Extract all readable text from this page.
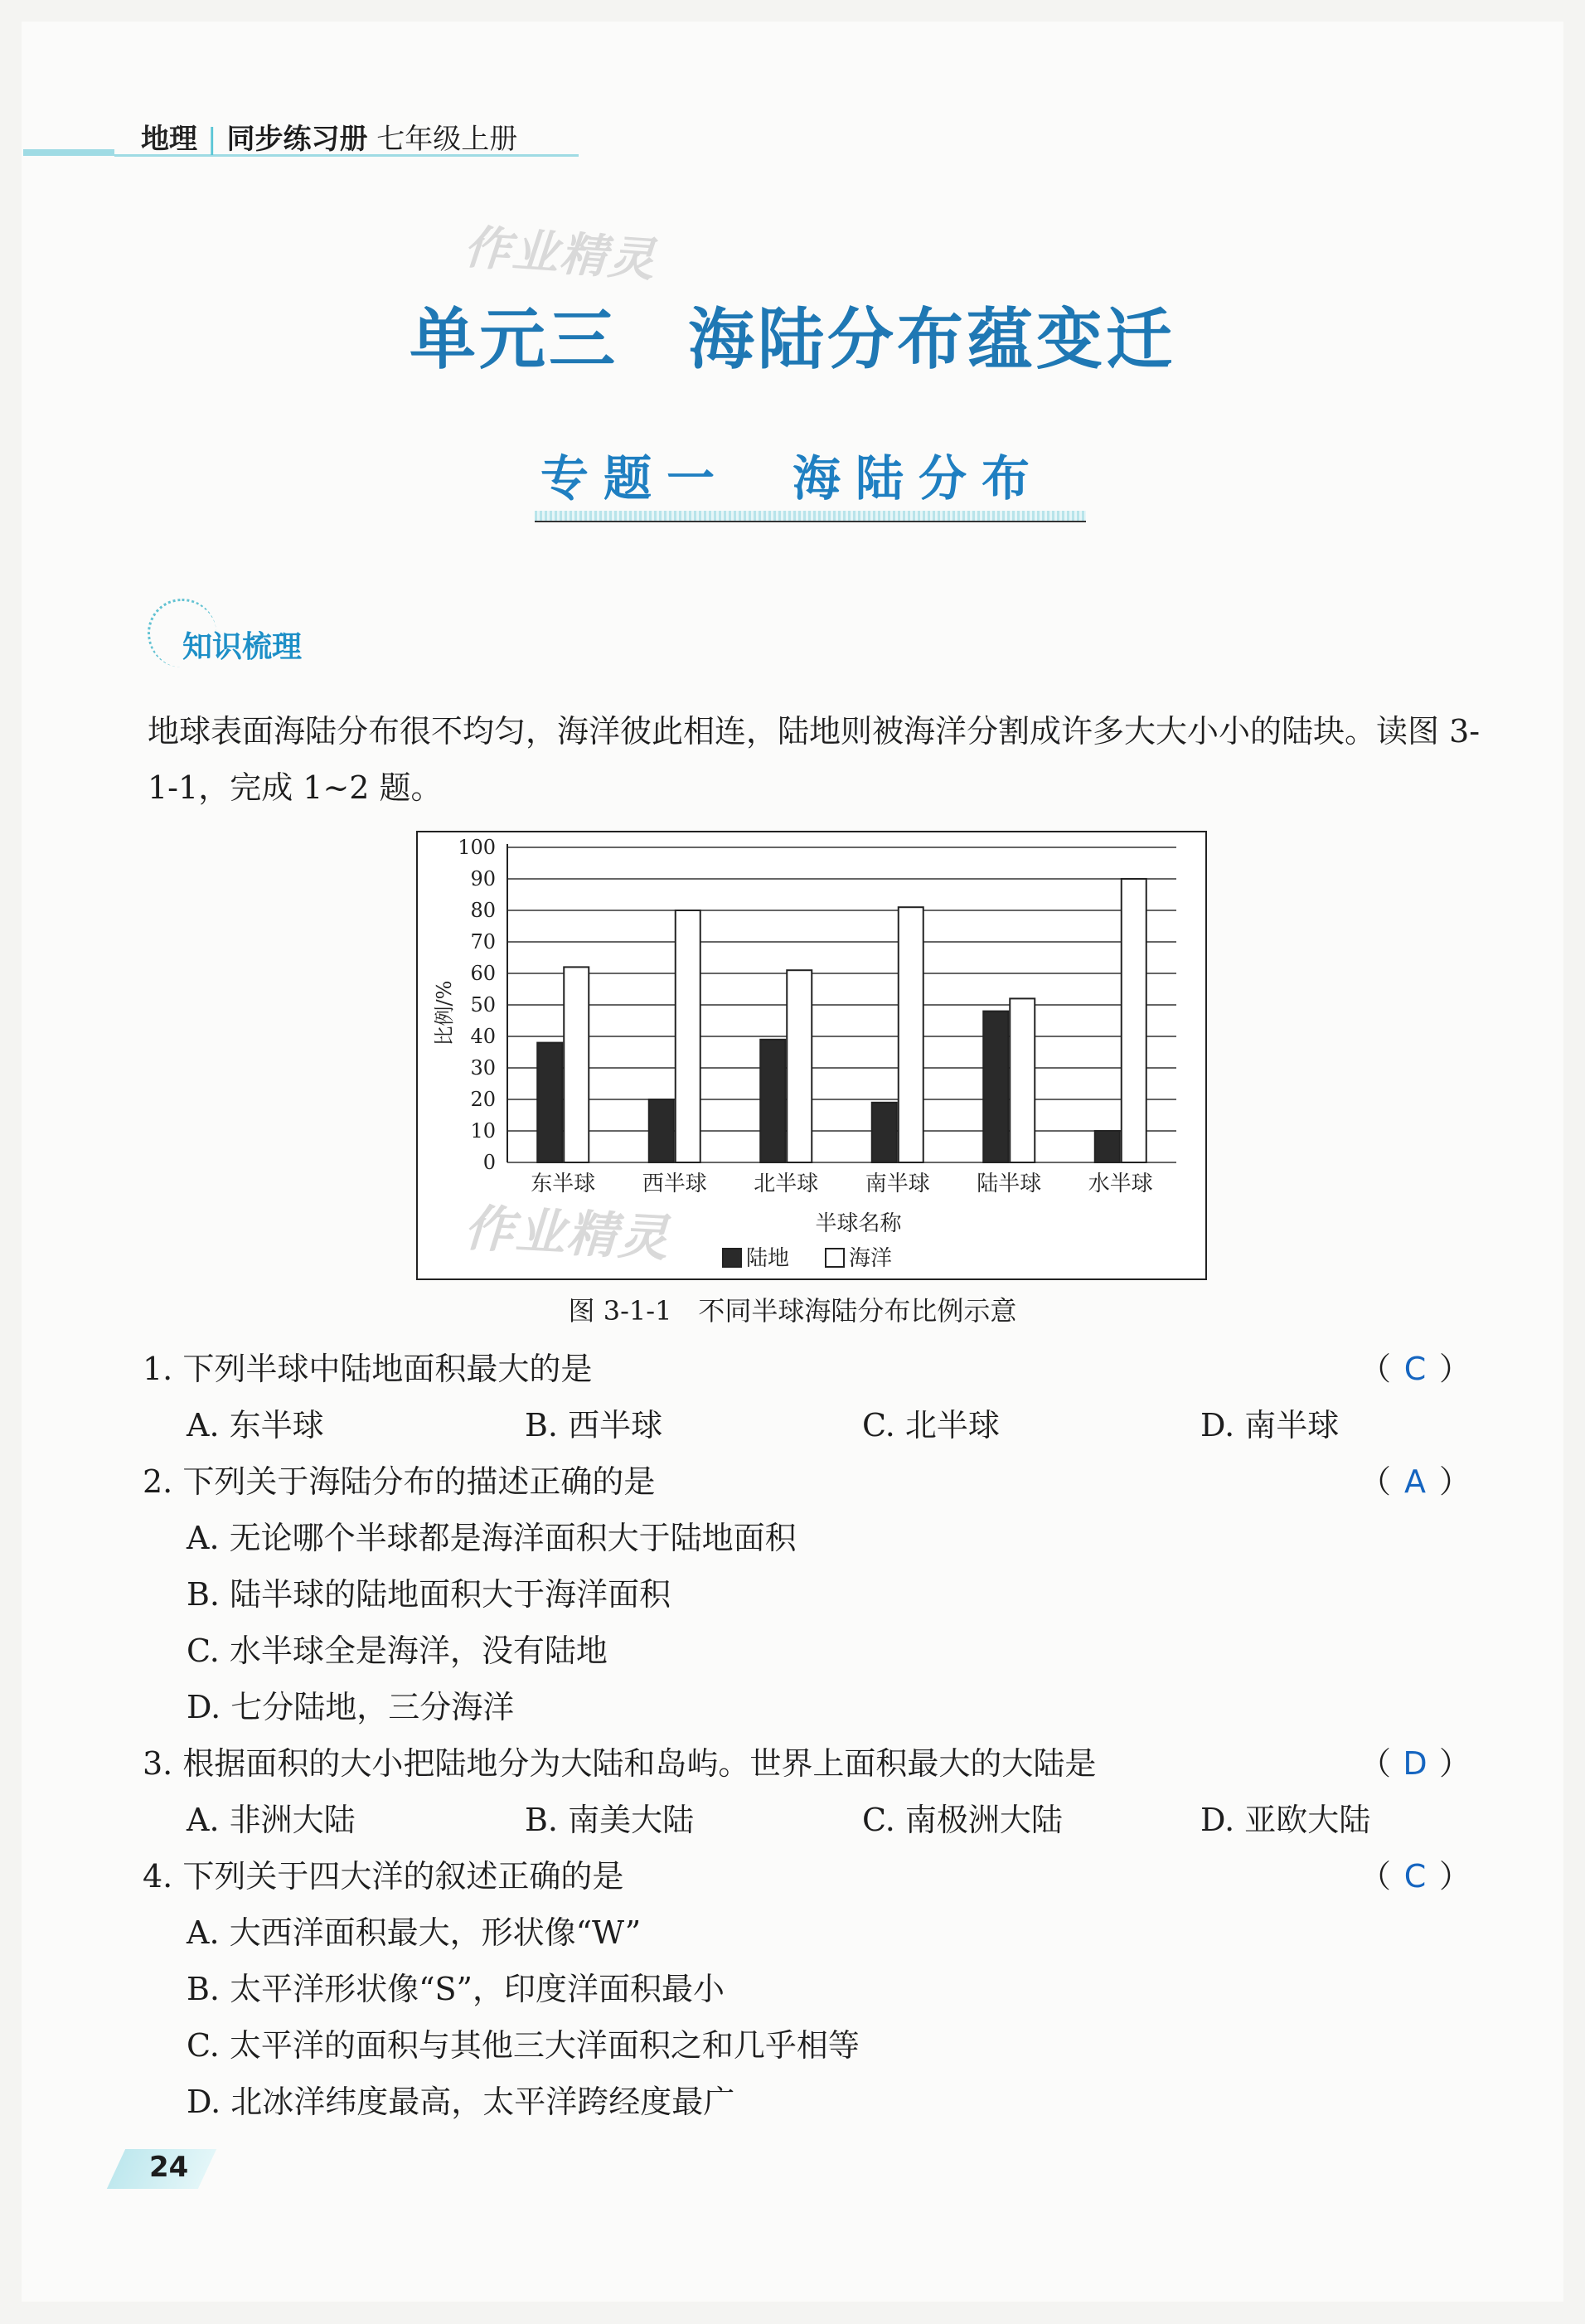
地理 | 同步练习册 七年级上册
作业精灵
单元三　海陆分布蕴变迁
专题一　海陆分布
知识梳理
地球表面海陆分布很不均匀，海洋彼此相连，陆地则被海洋分割成许多大大小小的陆块。读图 3-1-1，完成 1~2 题。
0
10
20
30
40
50
60
70
80
90
100
比例/%
东半球 西半球 北半球 南半球 陆半球 水半球
半球名称
陆地	海洋
作业精灵
图 3-1-1　不同半球海陆分布比例示意
1. 下列半球中陆地面积最大的是	（ C ）
A. 东半球	B. 西半球	C. 北半球	D. 南半球
2. 下列关于海陆分布的描述正确的是	（ A ）
A. 无论哪个半球都是海洋面积大于陆地面积
B. 陆半球的陆地面积大于海洋面积
C. 水半球全是海洋，没有陆地
D. 七分陆地，三分海洋
3. 根据面积的大小把陆地分为大陆和岛屿。世界上面积最大的大陆是	（ D ）
A. 非洲大陆	B. 南美大陆	C. 南极洲大陆	D. 亚欧大陆
4. 下列关于四大洋的叙述正确的是	（ C ）
A. 大西洋面积最大，形状像“W”
B. 太平洋形状像“S”，印度洋面积最小
C. 太平洋的面积与其他三大洋面积之和几乎相等
D. 北冰洋纬度最高，太平洋跨经度最广
24
